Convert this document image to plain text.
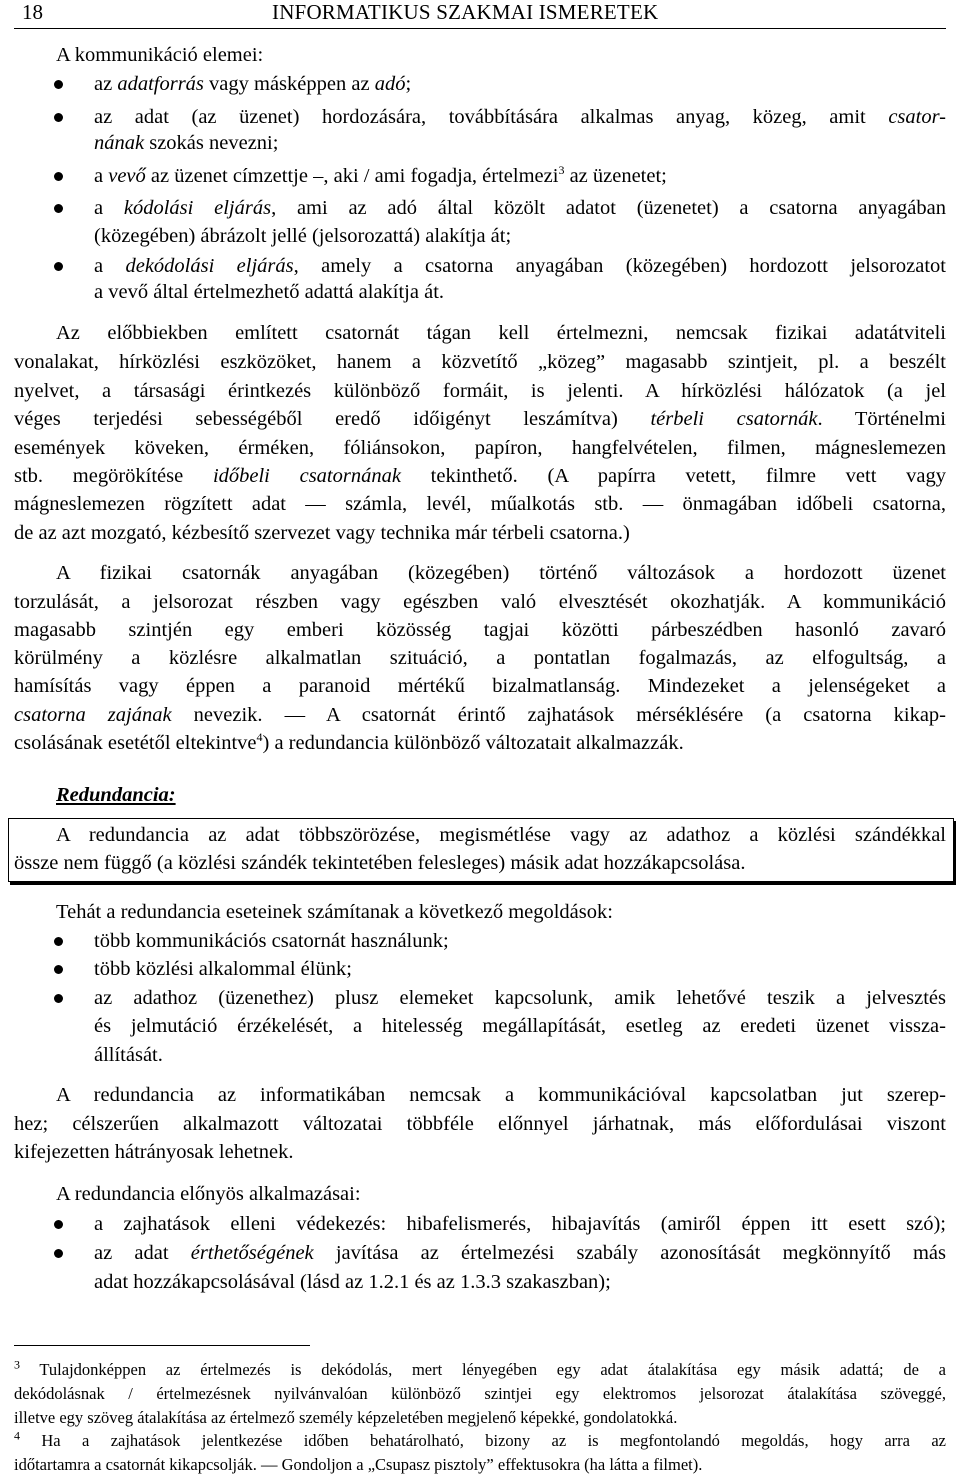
18	INFORMATIKUS SZAKMAI ISMERETEK
A kommunikáció elemei:
az adatforrás vagy másképpen az adó;
az adat (az üzenet) hordozására, továbbítására alkalmas anyag, közeg, amit csator-
nának szokás nevezni;
a vevő az üzenet címzettje –, aki / ami fogadja, értelmezi$^3$ az üzenetet;
a kódolási eljárás, ami az adó által közölt adatot (üzenetet) a csatorna anyagában
(közegében) ábrázolt jellé (jelsorozattá) alakítja át;
a dekódolási eljárás, amely a csatorna anyagában (közegében) hordozott jelsorozatot
a vevő által értelmezhető adattá alakítja át.
Az előbbiekben említett csatornát tágan kell értelmezni, nemcsak fizikai adatátviteli
vonalakat, hírközlési eszközöket, hanem a közvetítő „közeg” magasabb szintjeit, pl. a beszélt
nyelvet, a társasági érintkezés különböző formáit, is jelenti. A hírközlési hálózatok (a jel
véges terjedési sebességéből eredő időigényt leszámítva) térbeli csatornák. Történelmi
események köveken, érméken, fóliánsokon, papíron, hangfelvételen, filmen, mágneslemezen
stb. megörökítése időbeli csatornának tekinthető. (A papírra vetett, filmre vett vagy
mágneslemezen rögzített adat — számla, levél, műalkotás stb. — önmagában időbeli csatorna,
de az azt mozgató, kézbesítő szervezet vagy technika már térbeli csatorna.)
A fizikai csatornák anyagában (közegében) történő változások a hordozott üzenet
torzulását, a jelsorozat részben vagy egészben való elvesztését okozhatják. A kommunikáció
magasabb szintjén egy emberi közösség tagjai közötti párbeszédben hasonló zavaró
körülmény a közlésre alkalmatlan szituáció, a pontatlan fogalmazás, az elfogultság, a
hamísítás vagy éppen a paranoid mértékű bizalmatlanság. Mindezeket a jelenségeket a
csatorna zajának nevezik. — A csatornát érintő zajhatások mérséklésére (a csatorna kikap-
csolásának esetétől eltekintve$^4$) a redundancia különböző változatait alkalmazzák.
Redundancia:
A redundancia az adat többszörözése, megismétlése vagy az adathoz a közlési szándékkal
össze nem függő (a közlési szándék tekintetében felesleges) másik adat hozzákapcsolása.
Tehát a redundancia eseteinek számítanak a következő megoldások:
több kommunikációs csatornát használunk;
több közlési alkalommal élünk;
az adathoz (üzenethez) plusz elemeket kapcsolunk, amik lehetővé teszik a jelvesztés
és jelmutáció érzékelését, a hitelesség megállapítását, esetleg az eredeti üzenet vissza-
állítását.
A redundancia az informatikában nemcsak a kommunikációval kapcsolatban jut szerep-
hez; célszerűen alkalmazott változatai többféle előnnyel járhatnak, más előfordulásai viszont
kifejezetten hátrányosak lehetnek.
A redundancia előnyös alkalmazásai:
a zajhatások elleni védekezés: hibafelismerés, hibajavítás (amiről éppen itt esett szó);
az adat érthetőségének javítása az értelmezési szabály azonosítását megkönnyítő más
adat hozzákapcsolásával (lásd az 1.2.1 és az 1.3.3 szakaszban);
$^3$ Tulajdonképpen az értelmezés is dekódolás, mert lényegében egy adat átalakítása egy másik adattá; de a
dekódolásnak / értelmezésnek nyilvánvalóan különböző szintjei egy elektromos jelsorozat átalakítása szöveggé,
illetve egy szöveg átalakítása az értelmező személy képzeletében megjelenő képekké, gondolatokká.
$^4$ Ha a zajhatások jelentkezése időben behatárolható, bizony az is megfontolandó megoldás, hogy arra az
időtartamra a csatornát kikapcsolják. — Gondoljon a „Csupasz pisztoly” effektusokra (ha látta a filmet).
